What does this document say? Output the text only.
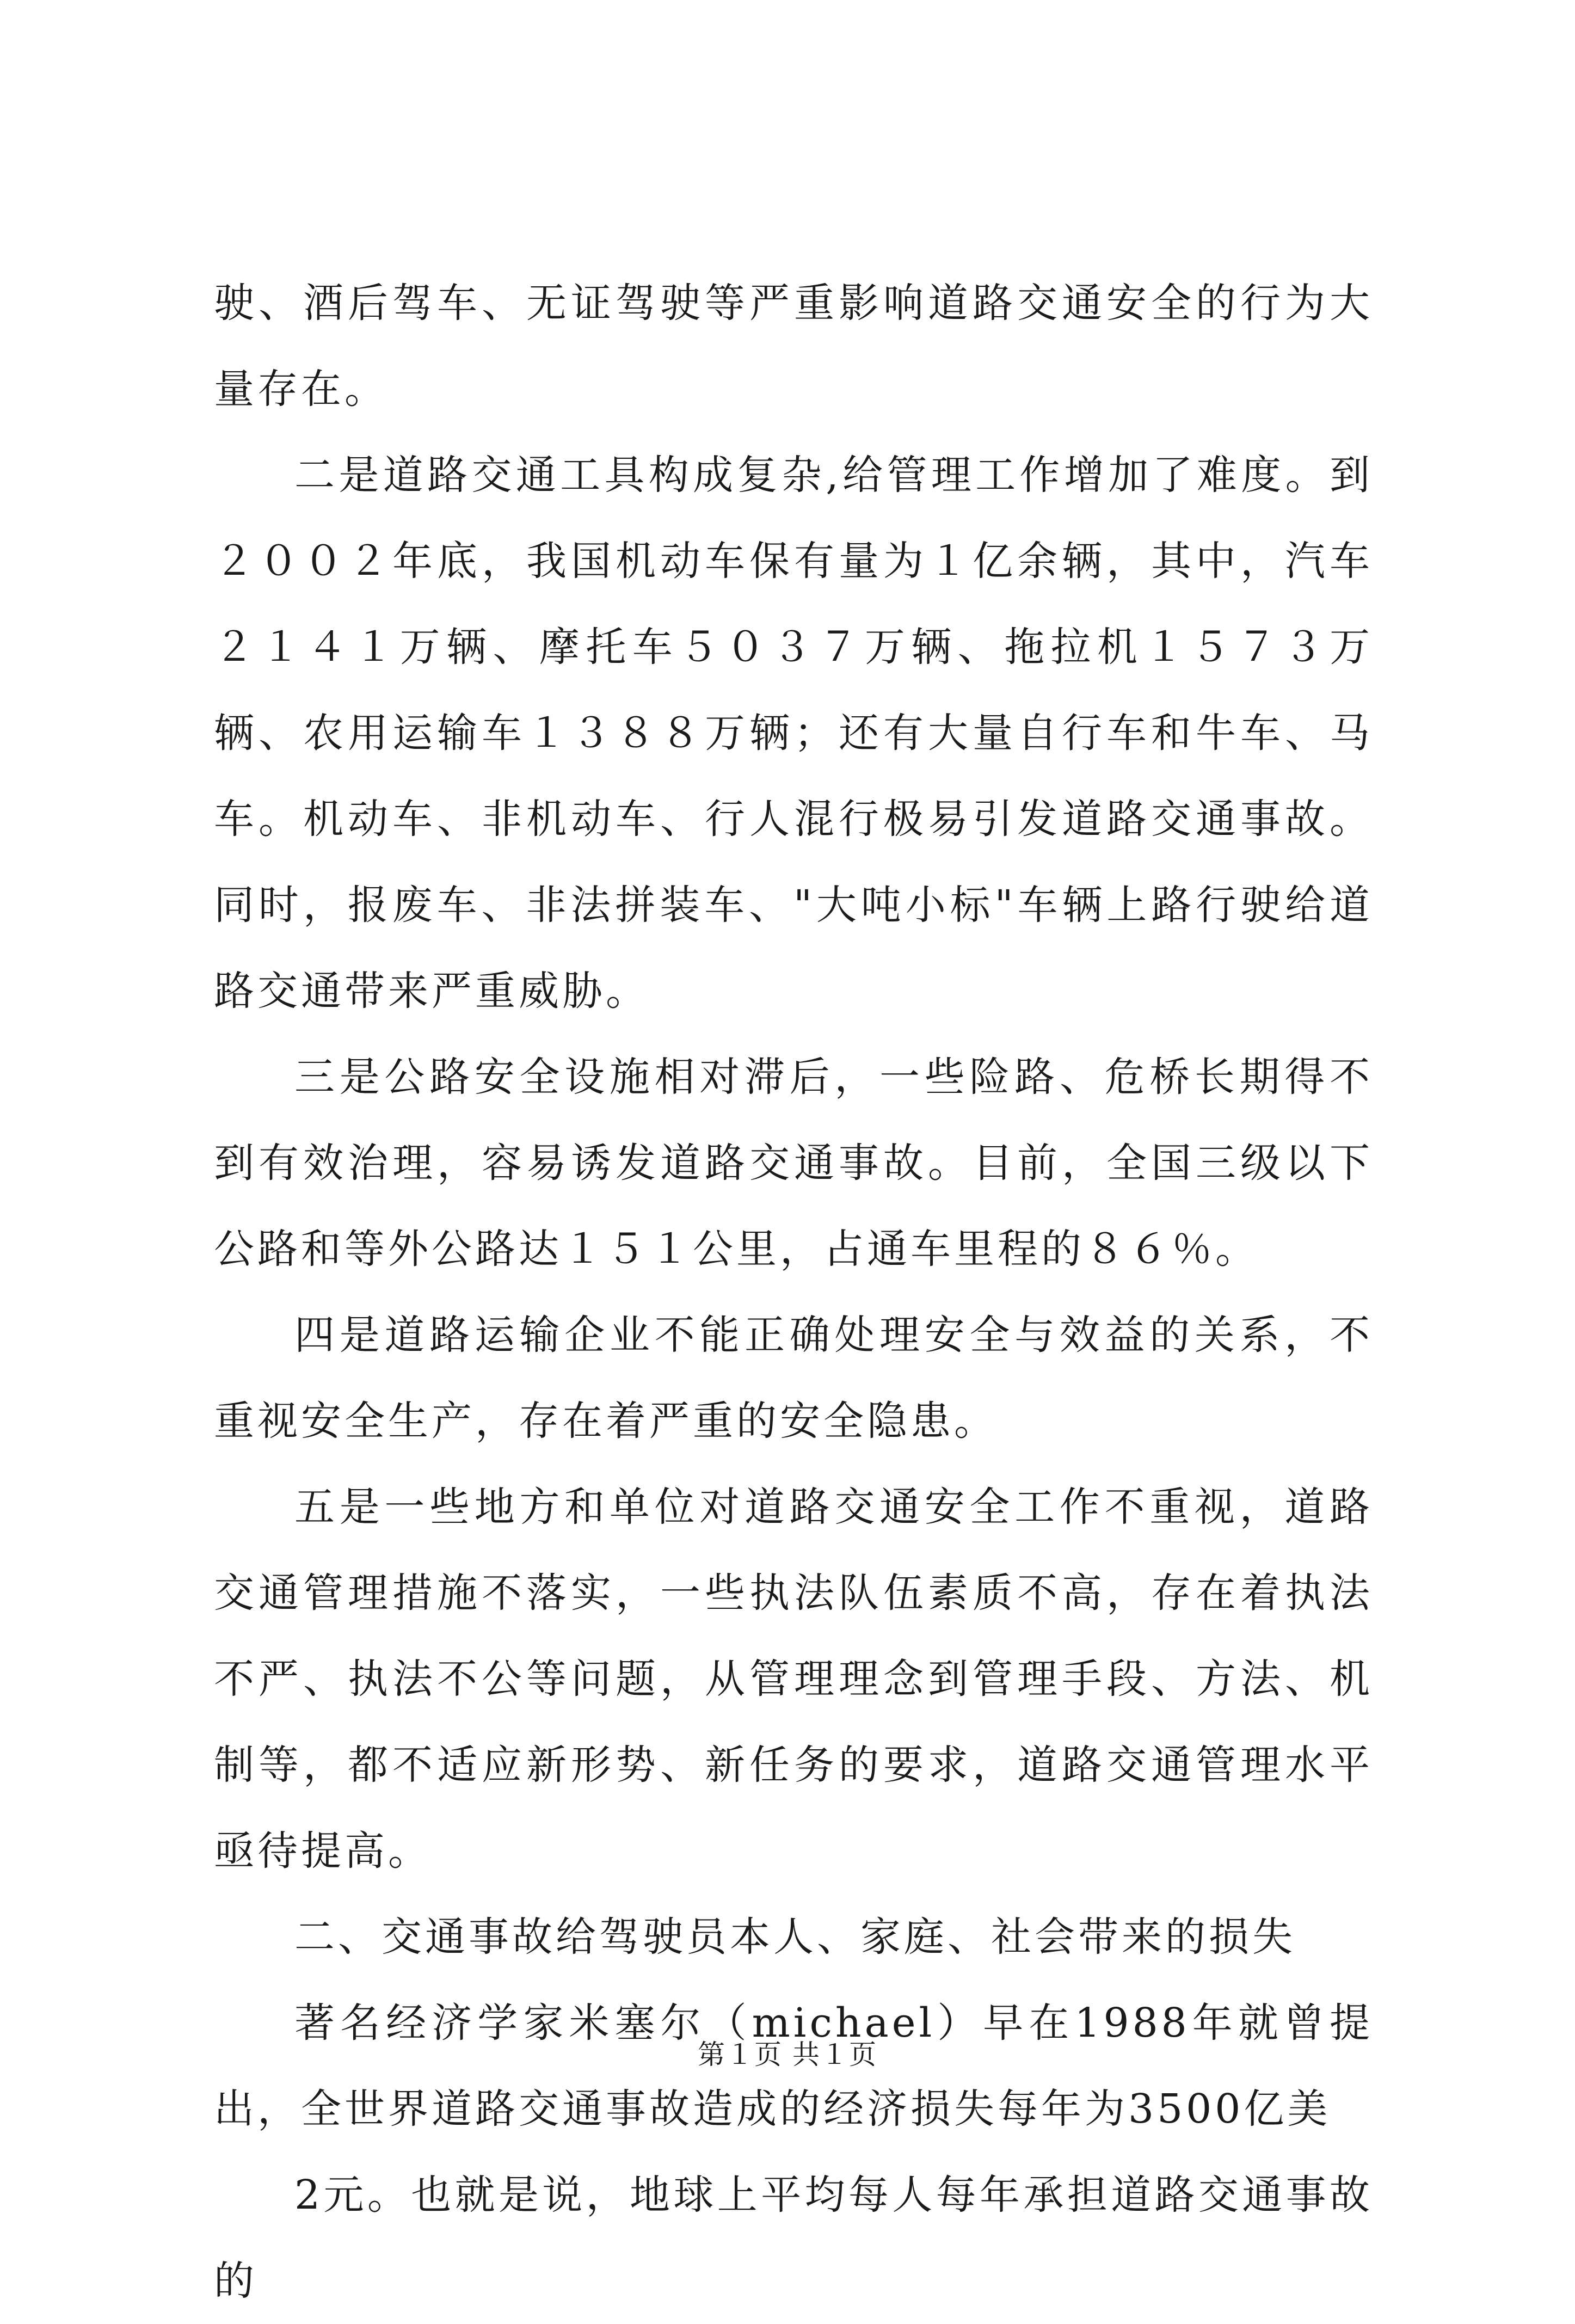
驶、酒后驾车、无证驾驶等严重影响道路交通安全的行为大量存在。

二是道路交通工具构成复杂,给管理工作增加了难度。到２００２年底，我国机动车保有量为１亿余辆，其中，汽车２１４１万辆、摩托车５０３７万辆、拖拉机１５７３万辆、农用运输车１３８８万辆；还有大量自行车和牛车、马车。机动车、非机动车、行人混行极易引发道路交通事故。同时，报废车、非法拼装车、"大吨小标"车辆上路行驶给道路交通带来严重威胁。

三是公路安全设施相对滞后，一些险路、危桥长期得不到有效治理，容易诱发道路交通事故。目前，全国三级以下公路和等外公路达１５１公里，占通车里程的８６％。

四是道路运输企业不能正确处理安全与效益的关系，不重视安全生产，存在着严重的安全隐患。

五是一些地方和单位对道路交通安全工作不重视，道路交通管理措施不落实，一些执法队伍素质不高，存在着执法不严、执法不公等问题，从管理理念到管理手段、方法、机制等，都不适应新形势、新任务的要求，道路交通管理水平亟待提高。

二、交通事故给驾驶员本人、家庭、社会带来的损失

著名经济学家米塞尔（michael）早在1988年就曾提出，全世界道路交通事故造成的经济损失每年为3500亿美

2元。也就是说，地球上平均每人每年承担道路交通事故的

第１页 共１页
